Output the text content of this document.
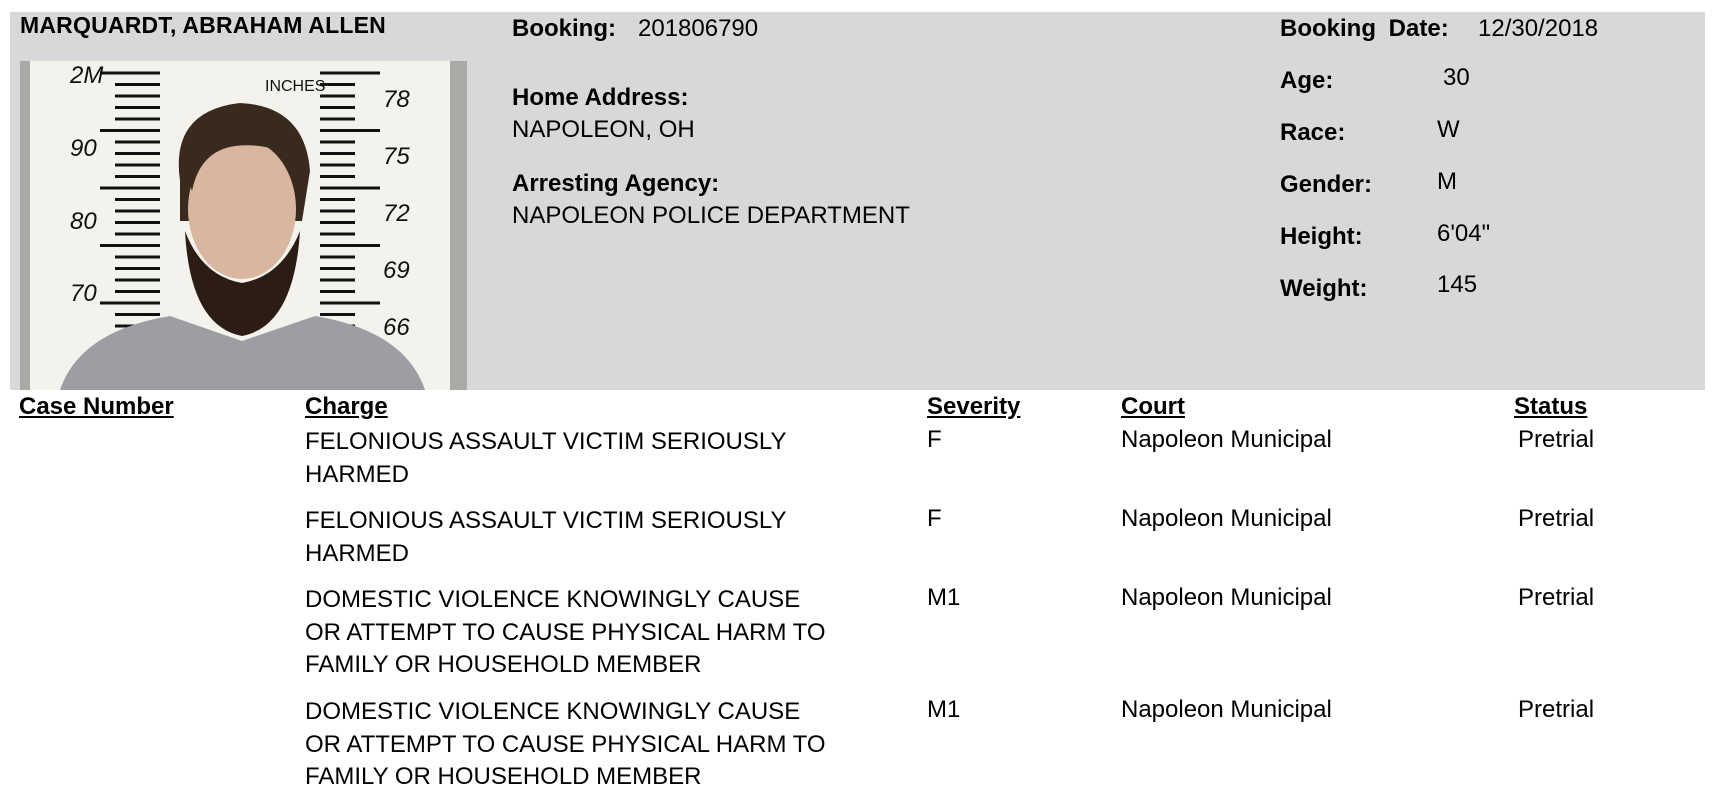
MARQUARDT, ABRAHAM ALLEN
2M
90
80
70
78
75
72
69
66
INCHES
Booking: 201806790
Home Address:
NAPOLEON, OH
Arresting Agency:
NAPOLEON POLICE DEPARTMENT
Booking Date: 12/30/2018
Age:	30
Race:	W
Gender:	M
Height:	6'04"
Weight:	145
Case Number	Charge	Severity	Court	Status
FELONIOUS ASSAULT VICTIM SERIOUSLY
HARMED
F	Napoleon Municipal	Pretrial
FELONIOUS ASSAULT VICTIM SERIOUSLY
HARMED
F	Napoleon Municipal	Pretrial
DOMESTIC VIOLENCE KNOWINGLY CAUSE
OR ATTEMPT TO CAUSE PHYSICAL HARM TO
FAMILY OR HOUSEHOLD MEMBER
M1	Napoleon Municipal	Pretrial
DOMESTIC VIOLENCE KNOWINGLY CAUSE
OR ATTEMPT TO CAUSE PHYSICAL HARM TO
FAMILY OR HOUSEHOLD MEMBER
M1	Napoleon Municipal	Pretrial
